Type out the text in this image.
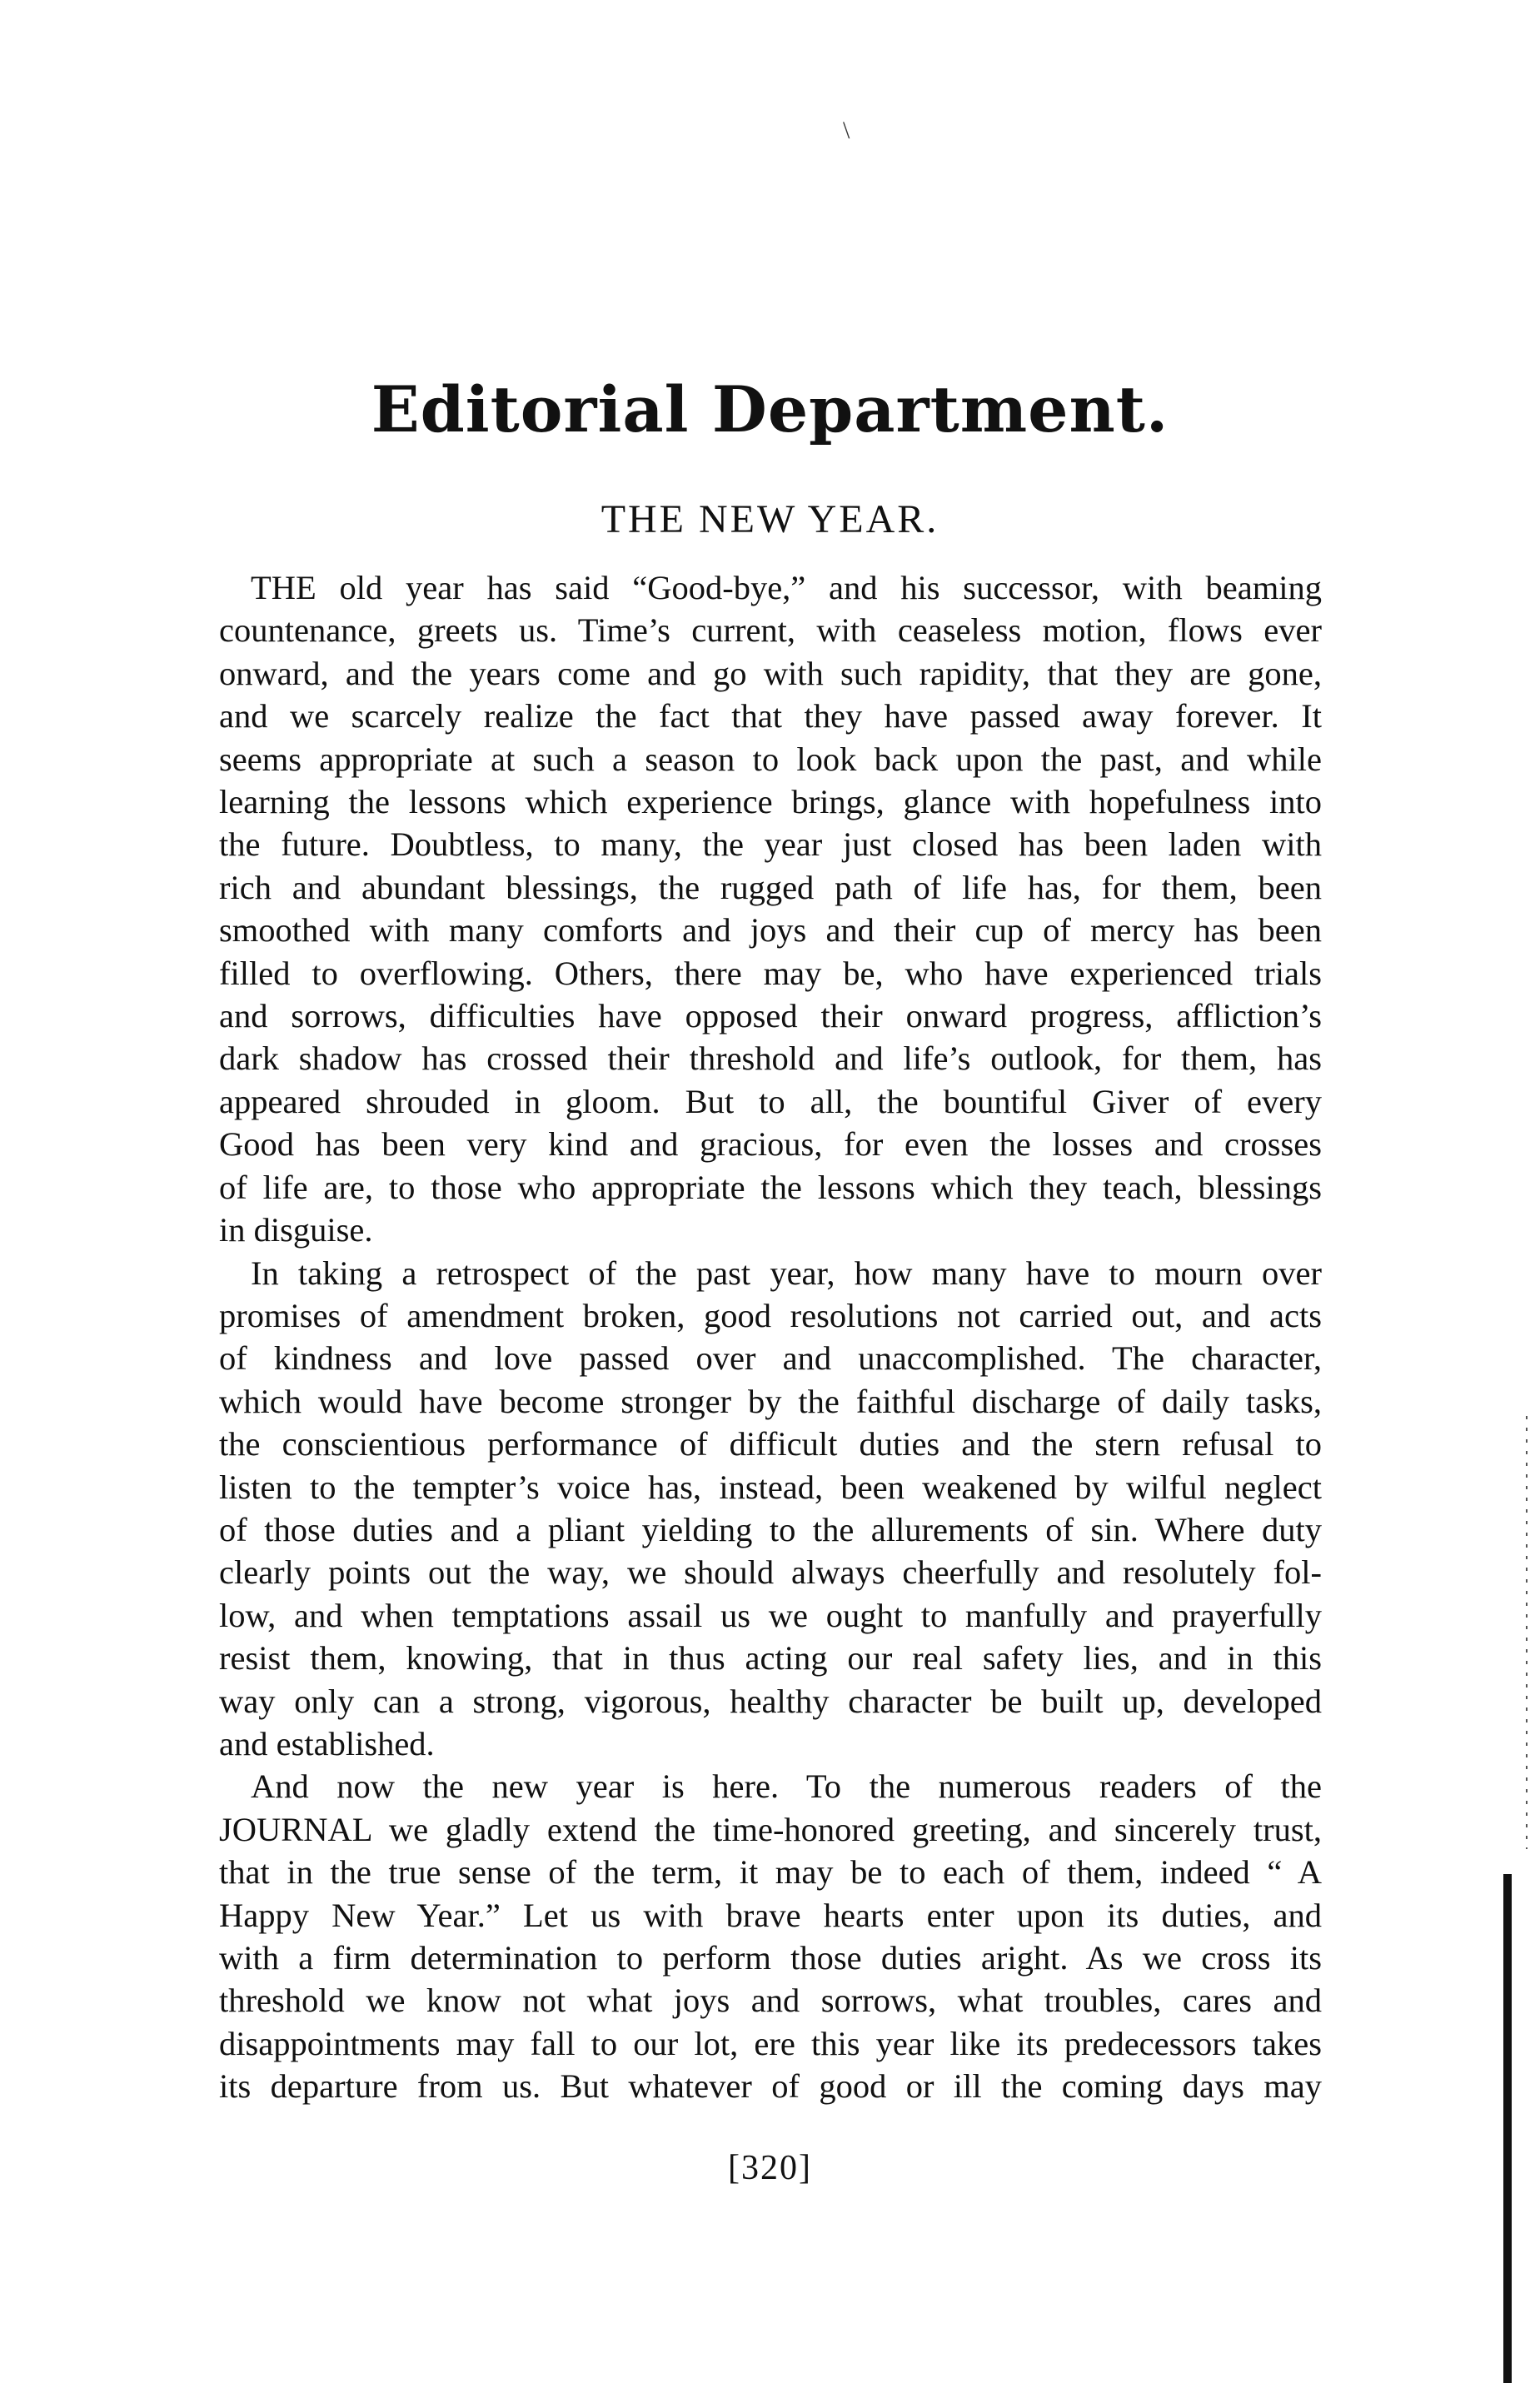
\
Editorial Department.
THE NEW YEAR.
THE old year has said “Good-bye,” and his successor, with beaming
countenance, greets us. Time’s current, with ceaseless motion, flows ever
onward, and the years come and go with such rapidity, that they are gone,
and we scarcely realize the fact that they have passed away forever. It
seems appropriate at such a season to look back upon the past, and while
learning the lessons which experience brings, glance with hopefulness into
the future. Doubtless, to many, the year just closed has been laden with
rich and abundant blessings, the rugged path of life has, for them, been
smoothed with many comforts and joys and their cup of mercy has been
filled to overflowing. Others, there may be, who have experienced trials
and sorrows, difficulties have opposed their onward progress, affliction’s
dark shadow has crossed their threshold and life’s outlook, for them, has
appeared shrouded in gloom. But to all, the bountiful Giver of every
Good has been very kind and gracious, for even the losses and crosses
of life are, to those who appropriate the lessons which they teach, blessings
in disguise.
In taking a retrospect of the past year, how many have to mourn over
promises of amendment broken, good resolutions not carried out, and acts
of kindness and love passed over and unaccomplished. The character,
which would have become stronger by the faithful discharge of daily tasks,
the conscientious performance of difficult duties and the stern refusal to
listen to the tempter’s voice has, instead, been weakened by wilful neglect
of those duties and a pliant yielding to the allurements of sin. Where duty
clearly points out the way, we should always cheerfully and resolutely fol-
low, and when temptations assail us we ought to manfully and prayerfully
resist them, knowing, that in thus acting our real safety lies, and in this
way only can a strong, vigorous, healthy character be built up, developed
and established.
And now the new year is here. To the numerous readers of the
JOURNAL we gladly extend the time-honored greeting, and sincerely trust,
that in the true sense of the term, it may be to each of them, indeed “ A
Happy New Year.” Let us with brave hearts enter upon its duties, and
with a firm determination to perform those duties aright. As we cross its
threshold we know not what joys and sorrows, what troubles, cares and
disappointments may fall to our lot, ere this year like its predecessors takes
its departure from us. But whatever of good or ill the coming days may
[320]
